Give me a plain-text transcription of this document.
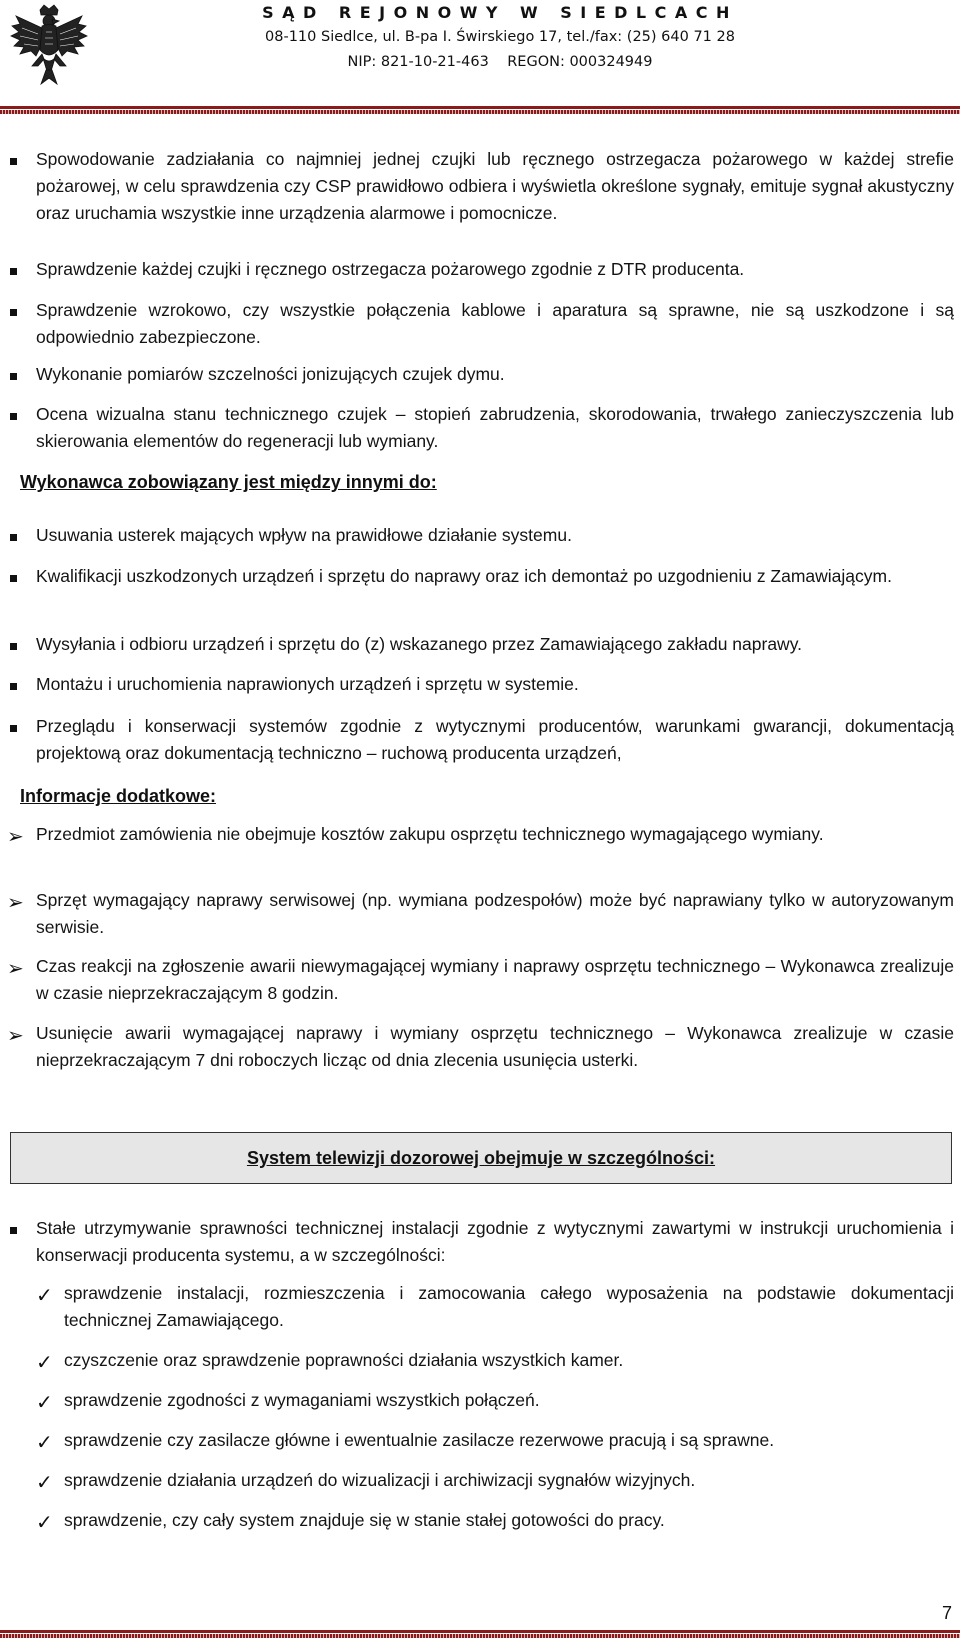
SĄD REJONOWY W SIEDLCACH
08-110 Siedlce, ul. B-pa I. Świrskiego 17, tel./fax: (25) 640 71 28
NIP: 821-10-21-463    REGON: 000324949
Spowodowanie zadziałania co najmniej jednej czujki lub ręcznego ostrzegacza pożarowego w każdej strefie pożarowej, w celu sprawdzenia czy CSP prawidłowo odbiera i wyświetla określone sygnały, emituje sygnał akustyczny oraz uruchamia wszystkie inne urządzenia alarmowe i pomocnicze.
Sprawdzenie każdej czujki i ręcznego ostrzegacza pożarowego zgodnie z DTR producenta.
Sprawdzenie wzrokowo, czy wszystkie połączenia kablowe i aparatura są sprawne, nie są uszkodzone i są odpowiednio zabezpieczone.
Wykonanie pomiarów szczelności jonizujących czujek dymu.
Ocena wizualna stanu technicznego czujek – stopień zabrudzenia, skorodowania, trwałego zanieczyszczenia lub skierowania elementów do regeneracji lub wymiany.
Wykonawca zobowiązany jest między innymi do:
Usuwania usterek mających wpływ na prawidłowe działanie systemu.
Kwalifikacji uszkodzonych urządzeń i sprzętu do naprawy oraz ich demontaż po uzgodnieniu z Zamawiającym.
Wysyłania i odbioru urządzeń i sprzętu do (z) wskazanego przez Zamawiającego zakładu naprawy.
Montażu i uruchomienia naprawionych urządzeń i sprzętu w systemie.
Przeglądu i konserwacji systemów zgodnie z wytycznymi producentów, warunkami gwarancji, dokumentacją projektową oraz dokumentacją techniczno – ruchową producenta urządzeń,
Informacje dodatkowe:
➢ Przedmiot zamówienia nie obejmuje kosztów zakupu osprzętu technicznego wymagającego wymiany.
➢ Sprzęt wymagający naprawy serwisowej (np. wymiana podzespołów) może być naprawiany tylko w autoryzowanym serwisie.
➢ Czas reakcji na zgłoszenie awarii niewymagającej wymiany i naprawy osprzętu technicznego – Wykonawca zrealizuje w czasie nieprzekraczającym 8 godzin.
➢ Usunięcie awarii wymagającej naprawy i wymiany osprzętu technicznego – Wykonawca zrealizuje w czasie nieprzekraczającym 7 dni roboczych licząc od dnia zlecenia usunięcia usterki.
System telewizji dozorowej obejmuje w szczególności:
Stałe utrzymywanie sprawności technicznej instalacji zgodnie z wytycznymi zawartymi w instrukcji uruchomienia i konserwacji producenta systemu, a w szczególności:
✓ sprawdzenie instalacji, rozmieszczenia i zamocowania całego wyposażenia na podstawie dokumentacji technicznej Zamawiającego.
✓ czyszczenie oraz sprawdzenie poprawności działania wszystkich kamer.
✓ sprawdzenie zgodności z wymaganiami wszystkich połączeń.
✓ sprawdzenie czy zasilacze główne i ewentualnie zasilacze rezerwowe pracują i są sprawne.
✓ sprawdzenie działania urządzeń do wizualizacji i archiwizacji sygnałów wizyjnych.
✓ sprawdzenie, czy cały system znajduje się w stanie stałej gotowości do pracy.
7
